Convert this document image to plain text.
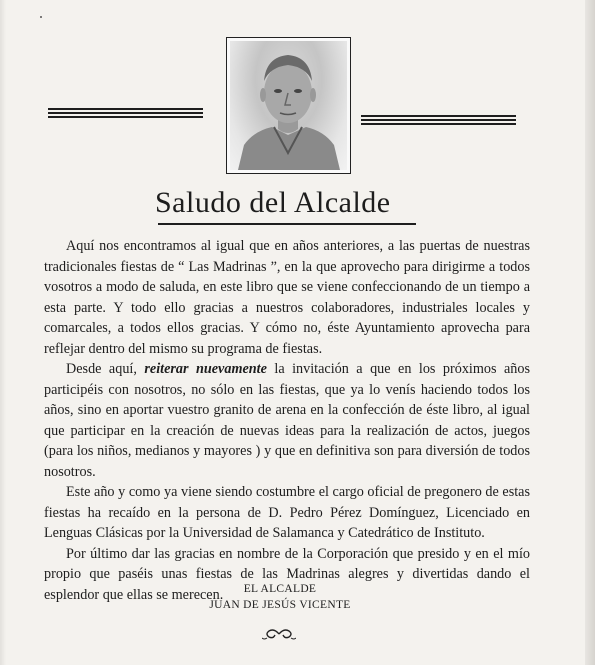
Saludo del Alcalde

Aquí nos encontramos al igual que en años anteriores, a las puertas de nuestras tradicionales fiestas de “ Las Madrinas ”, en la que aprovecho para dirigirme a todos vosotros a modo de saluda, en este libro que se viene confeccionando de un tiempo a esta parte. Y todo ello gracias a nuestros colaboradores, industriales locales y comarcales, a todos ellos gracias. Y cómo no, éste Ayuntamiento aprovecha para reflejar dentro del mismo su programa de fiestas.

Desde aquí, reiterar nuevamente la invitación a que en los próximos años participéis con nosotros, no sólo en las fiestas, que ya lo venís haciendo todos los años, sino en aportar vuestro granito de arena en la confección de éste libro, al igual que participar en la creación de nuevas ideas para la realización de actos, juegos (para los niños, medianos y mayores ) y que en definitiva son para diversión de todos nosotros.

Este año y como ya viene siendo costumbre el cargo oficial de pregonero de estas fiestas ha recaído en la persona de D. Pedro Pérez Domínguez, Licenciado en Lenguas Clásicas por la Universidad de Salamanca y Catedrático de Instituto.

Por último dar las gracias en nombre de la Corporación que presido y en el mío propio que paséis unas fiestas de las Madrinas alegres y divertidas dando el esplendor que ellas se merecen.	EL ALCALDE
JUAN DE JESÚS VICENTE
